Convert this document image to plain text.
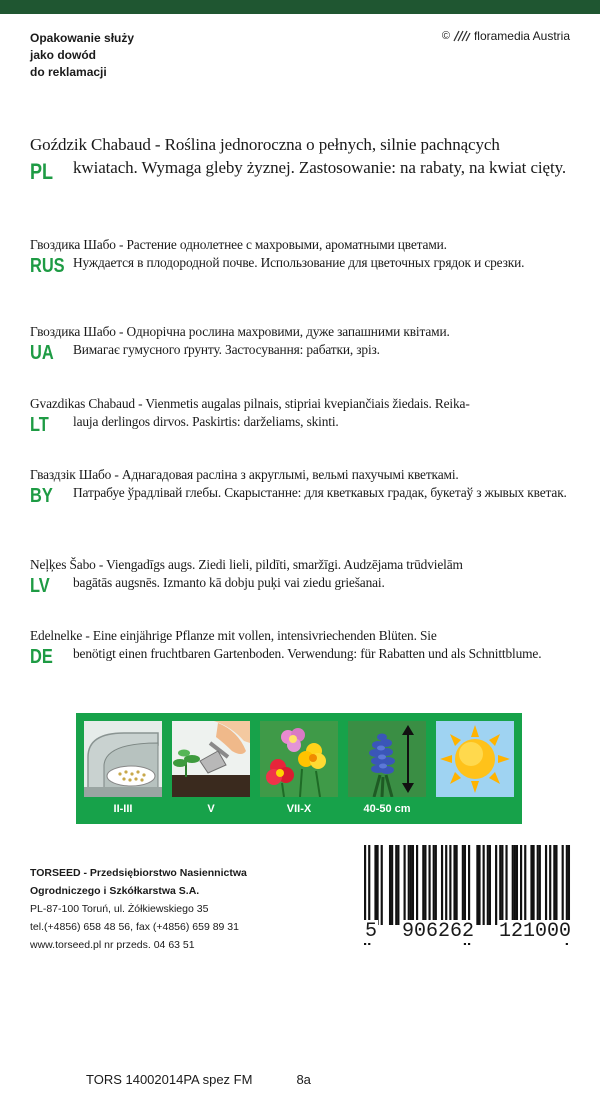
Opakowanie służy
jako dowód
do reklamacji
© floramedia Austria
PL
Goździk Chabaud - Roślina jednoroczna o pełnych, silnie pachnących
kwiatach. Wymaga gleby żyznej. Zastosowanie: na rabaty, na kwiat cięty.
RUS
Гвоздика Шабо - Растение однолетнее с махровыми, ароматными цветами.
Нуждается в плодородной почве. Использование для цветочных грядок и срезки.
UA
Гвоздика Шабо - Однорічна рослина махровими, дуже запашними квітами.
Вимагає гумусного ґрунту. Застосування: рабатки, зріз.
LT
Gvazdikas Chabaud - Vienmetis augalas pilnais, stipriai kvepiančiais žiedais. Reika-
lauja derlingos dirvos. Paskirtis: darželiams, skinti.
BY
Гваздзік Шабо - Аднагадовая расліна з акруглымі, вельмі пахучымі кветкамі.
Патрабуе ўрадлівай глебы. Скарыстанне: для кветкавых градак, букетаў з жывых кветак.
LV
Neļķes Šabo - Viengadīgs augs. Ziedi lieli, pildīti, smaržīgi. Audzējama trūdvielām
bagātās augsnēs. Izmanto kā dobju puķi vai ziedu griešanai.
DE
Edelnelke - Eine einjährige Pflanze mit vollen, intensivriechenden Blüten. Sie
benötigt einen fruchtbaren Gartenboden. Verwendung: für Rabatten und als Schnittblume.
II-III	V	VII-X	40-50 cm
TORSEED - Przedsiębiorstwo Nasiennictwa
Ogrodniczego i Szkółkarstwa S.A.
PL-87-100 Toruń, ul. Żółkiewskiego 35
tel.(+4856) 658 48 56, fax (+4856) 659 89 31
www.torseed.pl nr przeds. 04 63 51
5 906262 121000
TORS 14002014PA spez FM	8a
